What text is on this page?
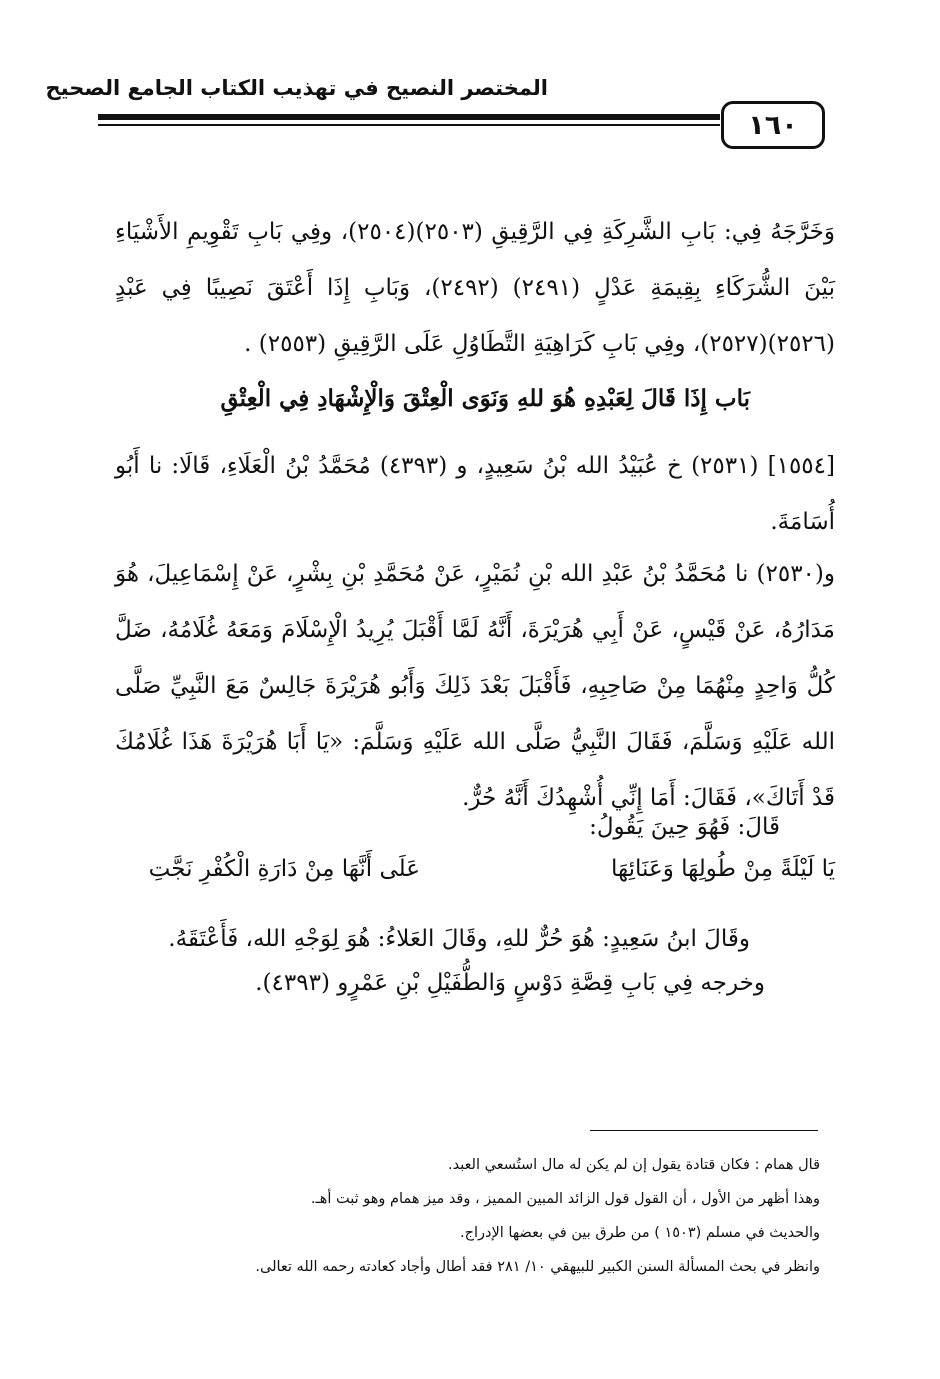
المختصر النصيح في تهذيب الكتاب الجامع الصحيح
١٦٠
وَخَرَّجَهُ فِي: بَابِ الشَّرِكَةِ فِي الرَّقِيقِ (٢٥٠٣)(٢٥٠٤)، وفِي بَابِ تَقْوِيمِ الأَشْيَاءِ بَيْنَ الشُّرَكَاءِ بِقِيمَةِ عَدْلٍ (٢٤٩١) (٢٤٩٢)، وَبَابِ إِذَا أَعْتَقَ نَصِيبًا فِي عَبْدٍ (٢٥٢٦)(٢٥٢٧)، وفِي بَابِ كَرَاهِيَةِ التَّطَاوُلِ عَلَى الرَّقِيقِ (٢٥٥٣) .
بَاب إِذَا قَالَ لِعَبْدِهِ هُوَ للهِ وَنَوَى الْعِتْقَ وَالْإِشْهَادِ فِي الْعِتْقِ
[١٥٥٤] (٢٥٣١) خ عُبَيْدُ الله بْنُ سَعِيدٍ، و (٤٣٩٣) مُحَمَّدُ بْنُ الْعَلَاءِ، قَالَا: نا أَبُو أُسَامَةَ.
و(٢٥٣٠) نا مُحَمَّدُ بْنُ عَبْدِ الله بْنِ نُمَيْرٍ، عَنْ مُحَمَّدِ بْنِ بِشْرٍ، عَنْ إِسْمَاعِيلَ، هُوَ مَدَارُهُ، عَنْ قَيْسٍ، عَنْ أَبِي هُرَيْرَةَ، أَنَّهُ لَمَّا أَقْبَلَ يُرِيدُ الْإِسْلَامَ وَمَعَهُ غُلَامُهُ، ضَلَّ كُلُّ وَاحِدٍ مِنْهُمَا مِنْ صَاحِبِهِ، فَأَقْبَلَ بَعْدَ ذَلِكَ وَأَبُو هُرَيْرَةَ جَالِسٌ مَعَ النَّبِيِّ صَلَّى الله عَلَيْهِ وَسَلَّمَ، فَقَالَ النَّبِيُّ صَلَّى الله عَلَيْهِ وَسَلَّمَ: «يَا أَبَا هُرَيْرَةَ هَذَا غُلَامُكَ قَدْ أَتَاكَ»، فَقَالَ: أَمَا إِنِّي أُشْهِدُكَ أَنَّهُ حُرٌّ.
قَالَ: فَهُوَ حِينَ يَقُولُ:
يَا لَيْلَةً مِنْ طُولِهَا وَعَنَائِهَا
عَلَى أَنَّهَا مِنْ دَارَةِ الْكُفْرِ نَجَّتِ
وقَالَ ابنُ سَعِيدٍ: هُوَ حُرٌّ للهِ، وقَالَ العَلاءُ: هُوَ لِوَجْهِ الله، فَأَعْتَقَهُ.
وخرجه فِي بَابِ قِصَّةِ دَوْسٍ وَالطُّفَيْلِ بْنِ عَمْرٍو (٤٣٩٣).
قال همام : فكان قتادة يقول إن لم يكن له مال استُسعي العبد.
وهذا أظهر من الأول ، أن القول قول الزائد المبين المميز ، وقد ميز همام وهو ثبت أهـ.
والحديث في مسلم (١٥٠٣ ) من طرق بين في بعضها الإدراج.
وانظر في بحث المسألة السنن الكبير للبيهقي ١٠/ ٢٨١ فقد أطال وأجاد كعادته رحمه الله تعالى.
